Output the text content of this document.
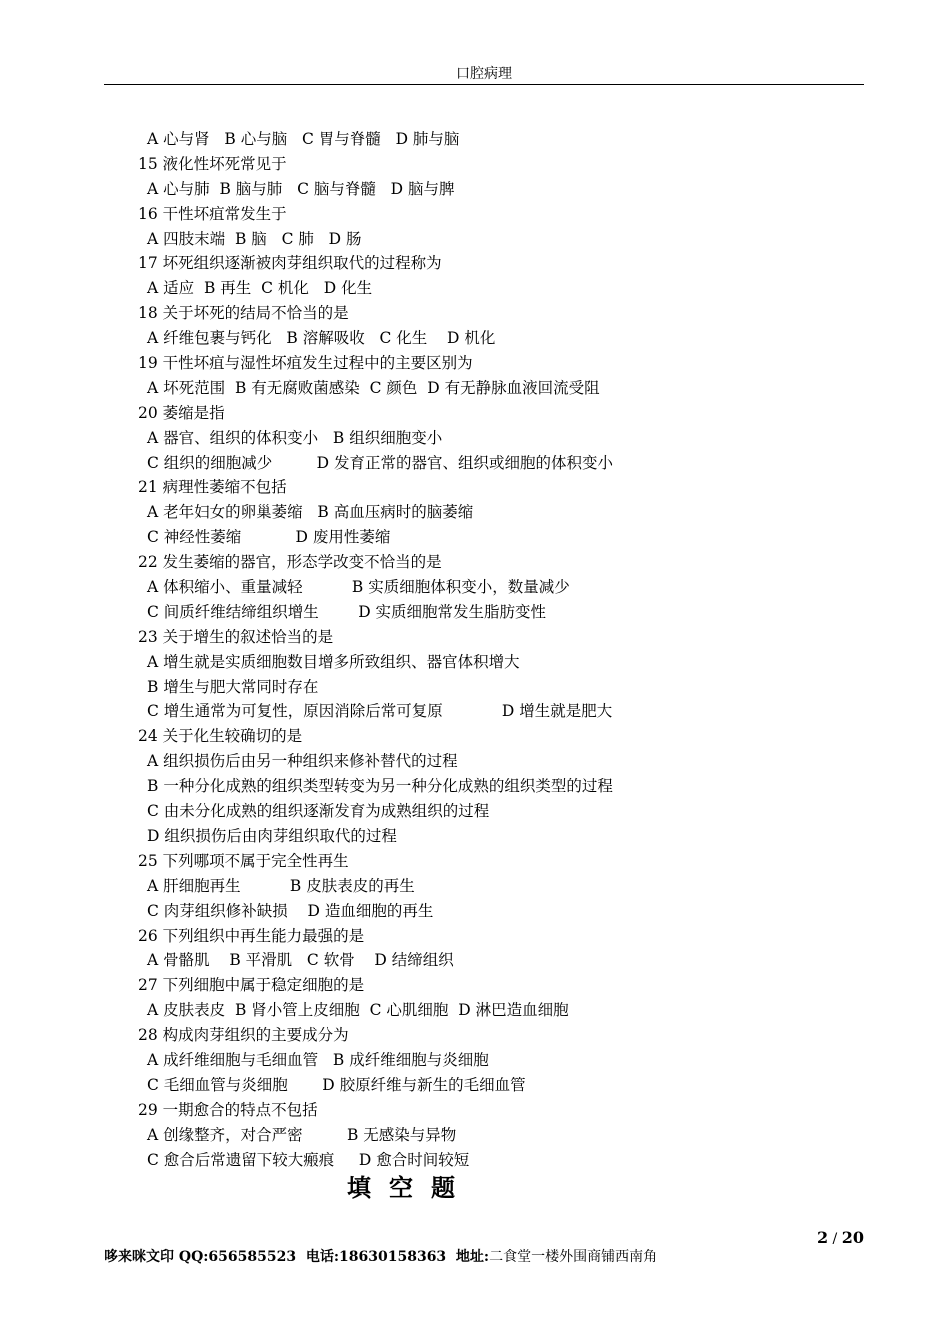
口腔病理
A 心与肾   B 心与脑   C 胃与脊髓   D 肺与脑
15 液化性坏死常见于
A 心与肺  B 脑与肺   C 脑与脊髓   D 脑与脾
16 干性坏疽常发生于
A 四肢末端  B 脑   C 肺   D 肠
17 坏死组织逐渐被肉芽组织取代的过程称为
A 适应  B 再生  C 机化   D 化生
18 关于坏死的结局不恰当的是
A 纤维包裹与钙化   B 溶解吸收   C 化生    D 机化
19 干性坏疽与湿性坏疽发生过程中的主要区别为
A 坏死范围  B 有无腐败菌感染  C 颜色  D 有无静脉血液回流受阻
20 萎缩是指
A 器官、组织的体积变小   B 组织细胞变小
C 组织的细胞减少         D 发育正常的器官、组织或细胞的体积变小
21 病理性萎缩不包括
A 老年妇女的卵巢萎缩   B 高血压病时的脑萎缩
C 神经性萎缩           D 废用性萎缩
22 发生萎缩的器官，形态学改变不恰当的是
A 体积缩小、重量减轻          B 实质细胞体积变小，数量减少
C 间质纤维结缔组织增生        D 实质细胞常发生脂肪变性
23 关于增生的叙述恰当的是
A 增生就是实质细胞数目增多所致组织、器官体积增大
B 增生与肥大常同时存在
C 增生通常为可复性，原因消除后常可复原            D 增生就是肥大
24 关于化生较确切的是
A 组织损伤后由另一种组织来修补替代的过程
B 一种分化成熟的组织类型转变为另一种分化成熟的组织类型的过程
C 由未分化成熟的组织逐渐发育为成熟组织的过程
D 组织损伤后由肉芽组织取代的过程
25 下列哪项不属于完全性再生
A 肝细胞再生          B 皮肤表皮的再生
C 肉芽组织修补缺损    D 造血细胞的再生
26 下列组织中再生能力最强的是
A 骨骼肌    B 平滑肌   C 软骨    D 结缔组织
27 下列细胞中属于稳定细胞的是
A 皮肤表皮  B 肾小管上皮细胞  C 心肌细胞  D 淋巴造血细胞
28 构成肉芽组织的主要成分为
A 成纤维细胞与毛细血管   B 成纤维细胞与炎细胞
C 毛细血管与炎细胞       D 胶原纤维与新生的毛细血管
29 一期愈合的特点不包括
A 创缘整齐，对合严密         B 无感染与异物
C 愈合后常遗留下较大瘢痕     D 愈合时间较短
填空题
2 / 20
哆来咪文印 QQ:656585523  电话:18630158363  地址:二食堂一楼外围商铺西南角
